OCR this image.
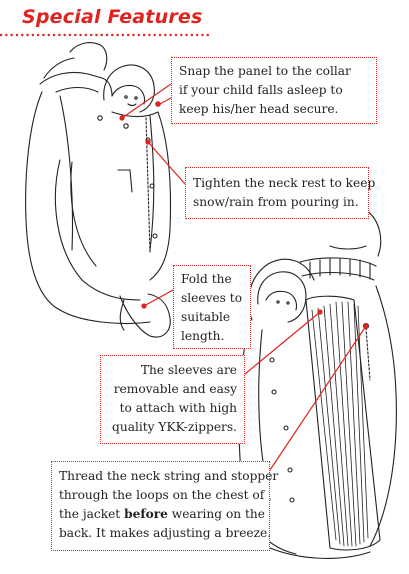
Special Features
Snap the panel to the collar
if your child falls asleep to
keep his/her head secure.
Tighten the neck rest to keep
snow/rain from pouring in.
Fold the
sleeves to
suitable
length.
The sleeves are
removable and easy
to attach with high
quality YKK-zippers.
Thread the neck string and stopper
through the loops on the chest of
the jacket before wearing on the
back. It makes adjusting a breeze.
